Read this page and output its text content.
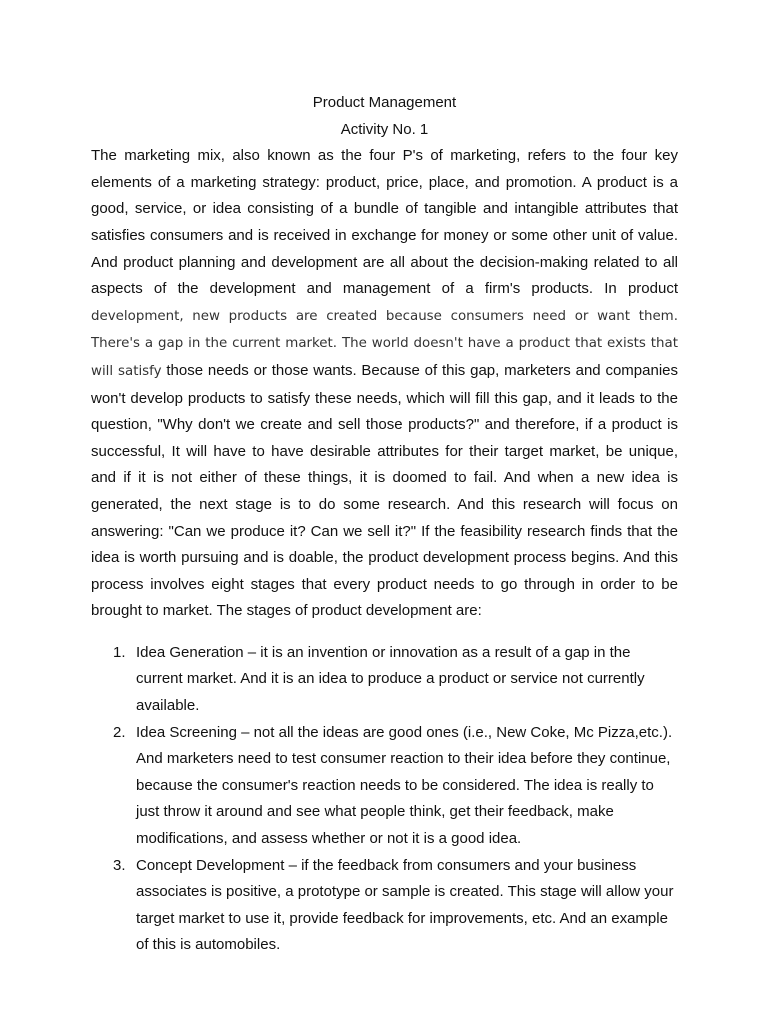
Product Management

Activity No. 1

The marketing mix, also known as the four P's of marketing, refers to the four key elements of a marketing strategy: product, price, place, and promotion. A product is a good, service, or idea consisting of a bundle of tangible and intangible attributes that satisfies consumers and is received in exchange for money or some other unit of value. And product planning and development are all about the decision-making related to all aspects of the development and management of a firm's products. In product development, new products are created because consumers need or want them. There's a gap in the current market. The world doesn't have a product that exists that will satisfy those needs or those wants. Because of this gap, marketers and companies won't develop products to satisfy these needs, which will fill this gap, and it leads to the question, "Why don't we create and sell those products?" and therefore, if a product is successful, It will have to have desirable attributes for their target market, be unique, and if it is not either of these things, it is doomed to fail. And when a new idea is generated, the next stage is to do some research. And this research will focus on answering: "Can we produce it? Can we sell it?" If the feasibility research finds that the idea is worth pursuing and is doable, the product development process begins. And this process involves eight stages that every product needs to go through in order to be brought to market. The stages of product development are:

1. Idea Generation – it is an invention or innovation as a result of a gap in the current market. And it is an idea to produce a product or service not currently available.

2. Idea Screening – not all the ideas are good ones (i.e., New Coke, Mc Pizza,etc.). And marketers need to test consumer reaction to their idea before they continue, because the consumer's reaction needs to be considered. The idea is really to just throw it around and see what people think, get their feedback, make modifications, and assess whether or not it is a good idea.

3. Concept Development – if the feedback from consumers and your business associates is positive, a prototype or sample is created. This stage will allow your target market to use it, provide feedback for improvements, etc. And an example of this is automobiles.
